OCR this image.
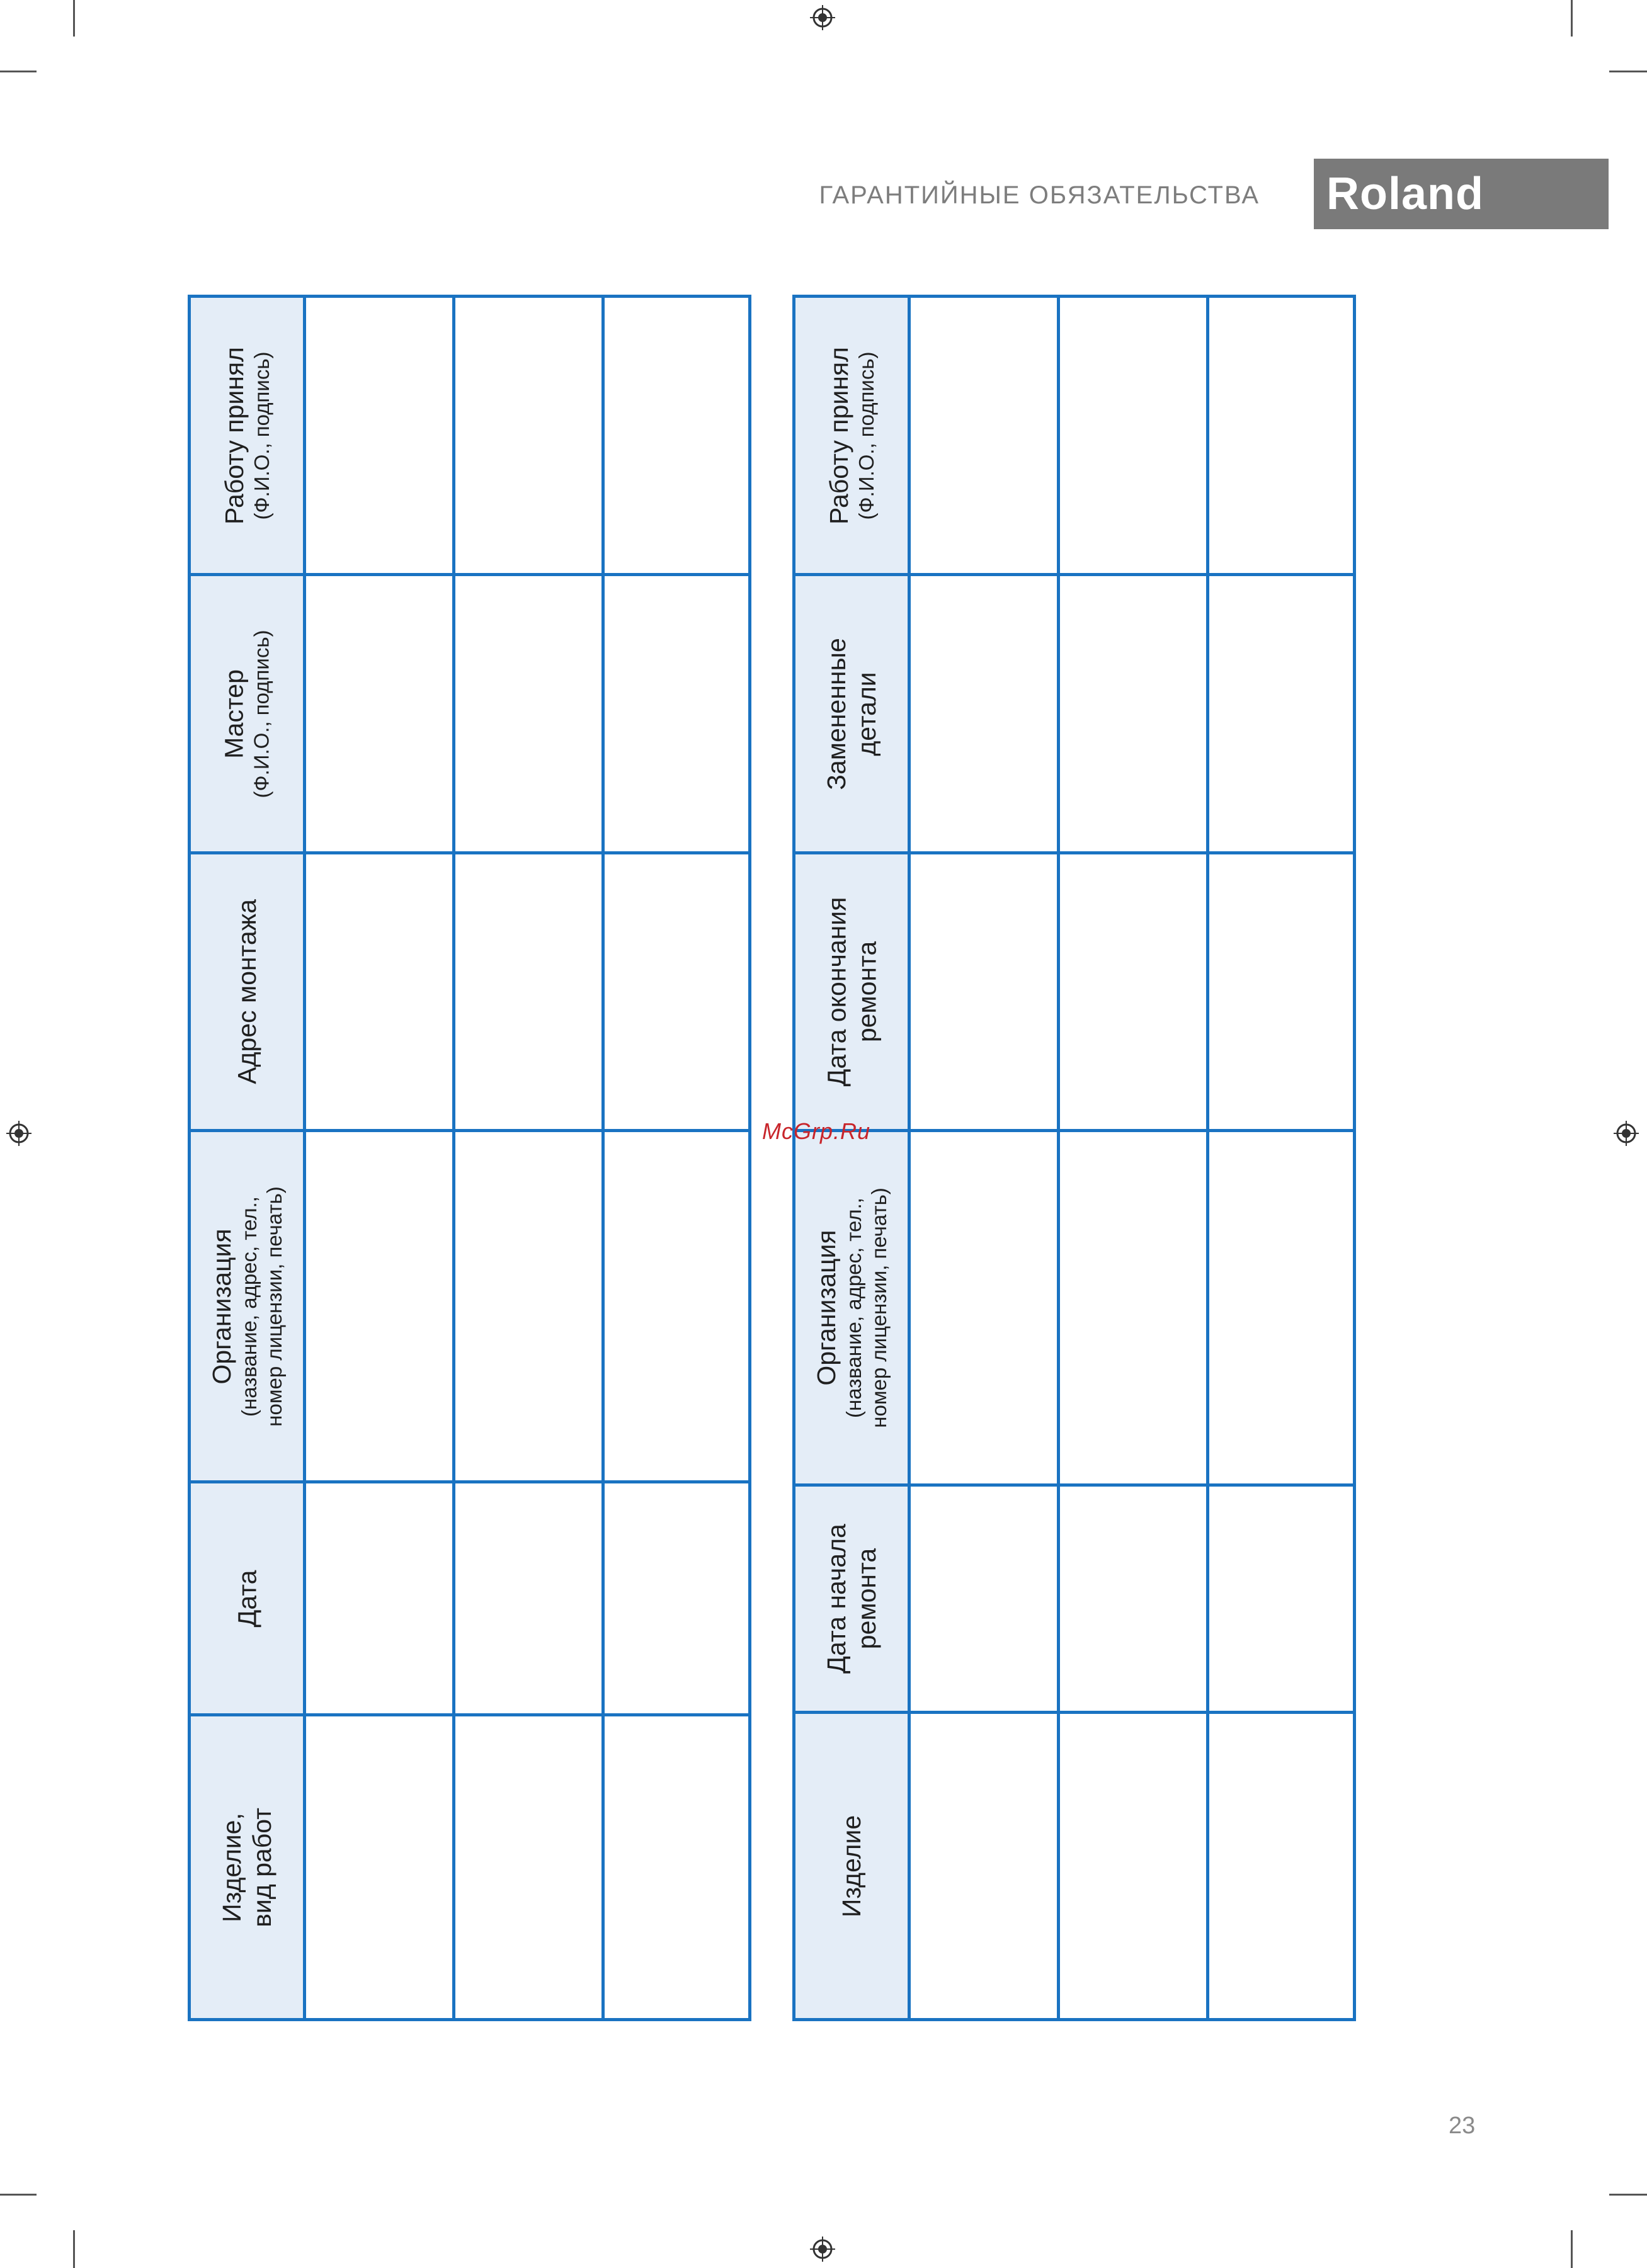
ГАРАНТИЙНЫЕ ОБЯЗАТЕЛЬСТВА Roland
Работу принял (Ф.И.О., подпись)
Мастер (Ф.И.О., подпись)
Адрес монтажа
Организация (название, адрес, тел., номер лицензии, печать)
Дата
Изделие, вид работ
Работу принял (Ф.И.О., подпись)
Замененные детали
Дата окончания ремонта
Организация (название, адрес, тел., номер лицензии, печать)
Дата начала ремонта
Изделие
McGrp.Ru
23
